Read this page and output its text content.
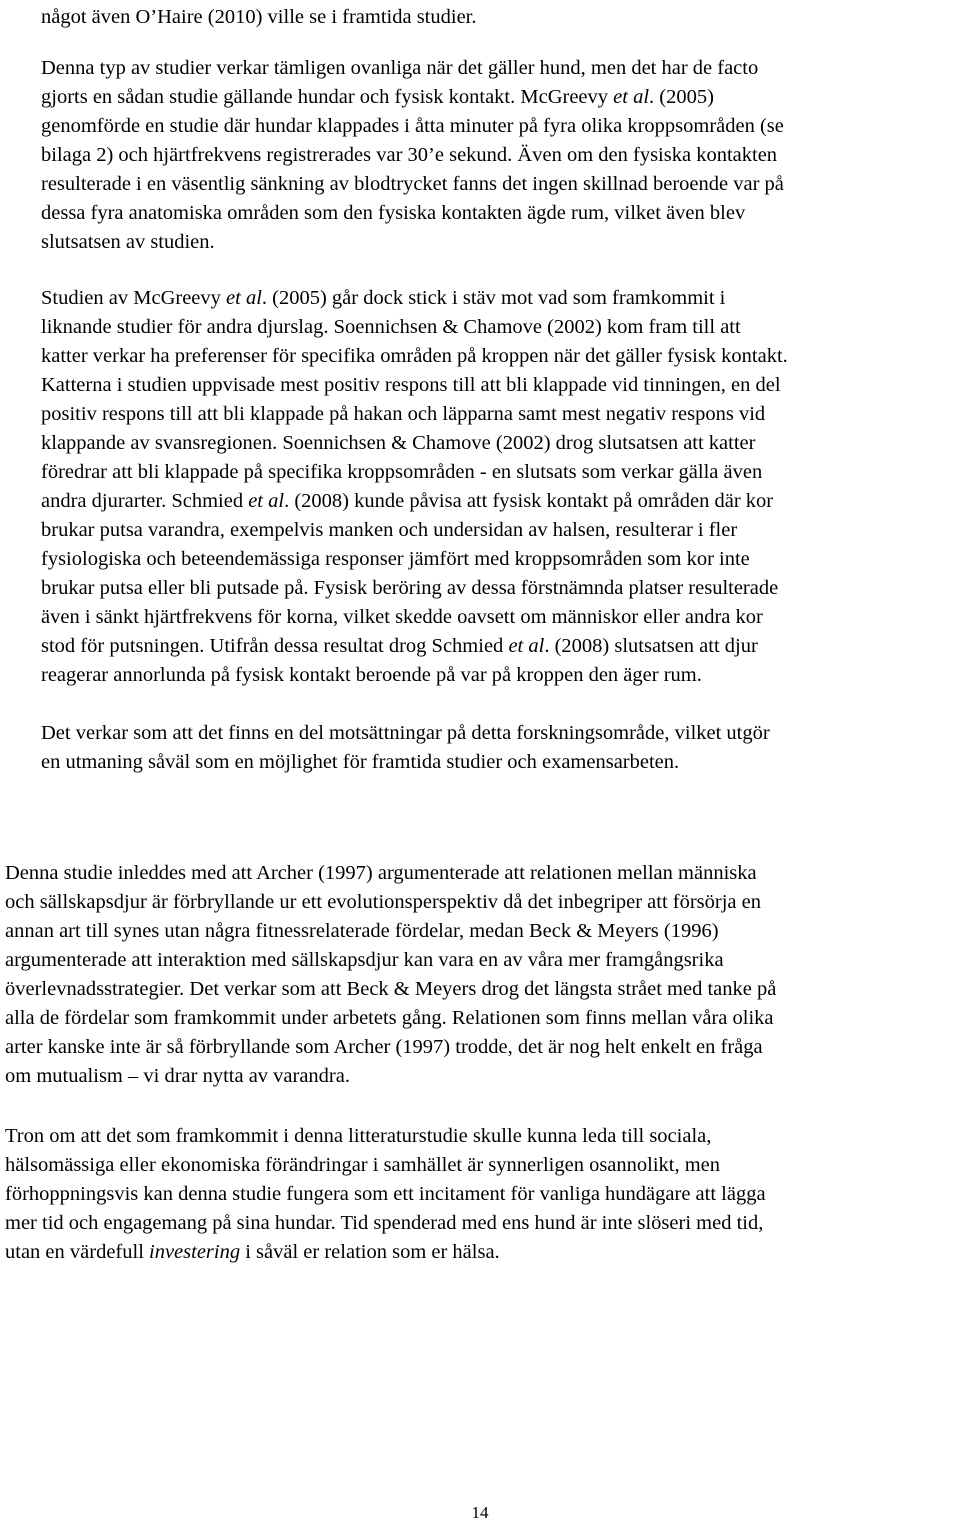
något även O’Haire (2010) ville se i framtida studier.
Denna typ av studier verkar tämligen ovanliga när det gäller hund, men det har de facto
gjorts en sådan studie gällande hundar och fysisk kontakt. McGreevy et al. (2005)
genomförde en studie där hundar klappades i åtta minuter på fyra olika kroppsområden (se
bilaga 2) och hjärtfrekvens registrerades var 30’e sekund. Även om den fysiska kontakten
resulterade i en väsentlig sänkning av blodtrycket fanns det ingen skillnad beroende var på
dessa fyra anatomiska områden som den fysiska kontakten ägde rum, vilket även blev
slutsatsen av studien.
Studien av McGreevy et al. (2005) går dock stick i stäv mot vad som framkommit i
liknande studier för andra djurslag. Soennichsen & Chamove (2002) kom fram till att
katter verkar ha preferenser för specifika områden på kroppen när det gäller fysisk kontakt.
Katterna i studien uppvisade mest positiv respons till att bli klappade vid tinningen, en del
positiv respons till att bli klappade på hakan och läpparna samt mest negativ respons vid
klappande av svansregionen. Soennichsen & Chamove (2002) drog slutsatsen att katter
föredrar att bli klappade på specifika kroppsområden - en slutsats som verkar gälla även
andra djurarter. Schmied et al. (2008) kunde påvisa att fysisk kontakt på områden där kor
brukar putsa varandra, exempelvis manken och undersidan av halsen, resulterar i fler
fysiologiska och beteendemässiga responser jämfört med kroppsområden som kor inte
brukar putsa eller bli putsade på. Fysisk beröring av dessa förstnämnda platser resulterade
även i sänkt hjärtfrekvens för korna, vilket skedde oavsett om människor eller andra kor
stod för putsningen. Utifrån dessa resultat drog Schmied et al. (2008) slutsatsen att djur
reagerar annorlunda på fysisk kontakt beroende på var på kroppen den äger rum.
Det verkar som att det finns en del motsättningar på detta forskningsområde, vilket utgör
en utmaning såväl som en möjlighet för framtida studier och examensarbeten.
Denna studie inleddes med att Archer (1997) argumenterade att relationen mellan människa
och sällskapsdjur är förbryllande ur ett evolutionsperspektiv då det inbegriper att försörja en
annan art till synes utan några fitnessrelaterade fördelar, medan Beck & Meyers (1996)
argumenterade att interaktion med sällskapsdjur kan vara en av våra mer framgångsrika
överlevnadsstrategier. Det verkar som att Beck & Meyers drog det längsta strået med tanke på
alla de fördelar som framkommit under arbetets gång. Relationen som finns mellan våra olika
arter kanske inte är så förbryllande som Archer (1997) trodde, det är nog helt enkelt en fråga
om mutualism – vi drar nytta av varandra.
Tron om att det som framkommit i denna litteraturstudie skulle kunna leda till sociala,
hälsomässiga eller ekonomiska förändringar i samhället är synnerligen osannolikt, men
förhoppningsvis kan denna studie fungera som ett incitament för vanliga hundägare att lägga
mer tid och engagemang på sina hundar. Tid spenderad med ens hund är inte slöseri med tid,
utan en värdefull investering i såväl er relation som er hälsa.
14
